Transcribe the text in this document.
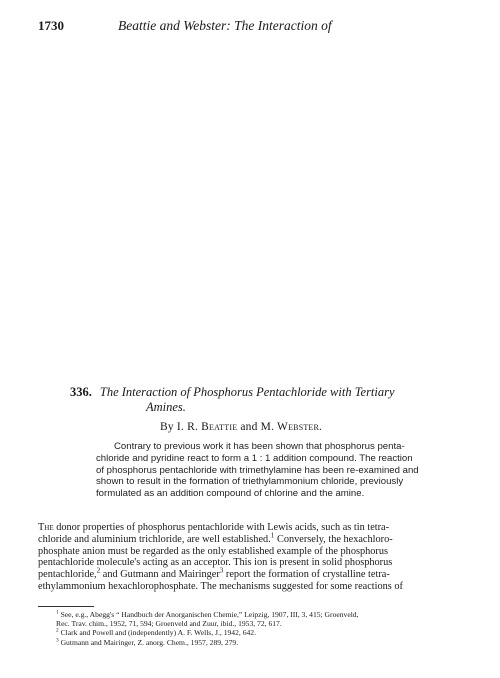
1730	Beattie and Webster: The Interaction of
336. The Interaction of Phosphorus Pentachloride with Tertiary
Amines.
By I. R. Beattie and M. Webster.

Contrary to previous work it has been shown that phosphorus penta-

chloride and pyridine react to form a 1 : 1 addition compound. The reaction

of phosphorus pentachloride with trimethylamine has been re-examined and

shown to result in the formation of triethylammonium chloride, previously

formulated as an addition compound of chlorine and the amine.

The donor properties of phosphorus pentachloride with Lewis acids, such as tin tetra-

chloride and aluminium trichloride, are well established.$^1$ Conversely, the hexachloro-

phosphate anion must be regarded as the only established example of the phosphorus

pentachloride molecule's acting as an acceptor. This ion is present in solid phosphorus

pentachloride,$^2$ and Gutmann and Mairinger$^3$ report the formation of crystalline tetra-

ethylammonium hexachlorophosphate. The mechanisms suggested for some reactions of

$^1$ See, e.g., Abegg's “ Handbuch der Anorganischen Chemie,” Leipzig, 1907, III, 3, 415; Groenveld,

Rec. Trav. chim., 1952, 71, 594; Groenveld and Zuur, ibid., 1953, 72, 617.

$^2$ Clark and Powell and (independently) A. F. Wells, J., 1942, 642.

$^3$ Gutmann and Mairinger, Z. anorg. Chem., 1957, 289, 279.
